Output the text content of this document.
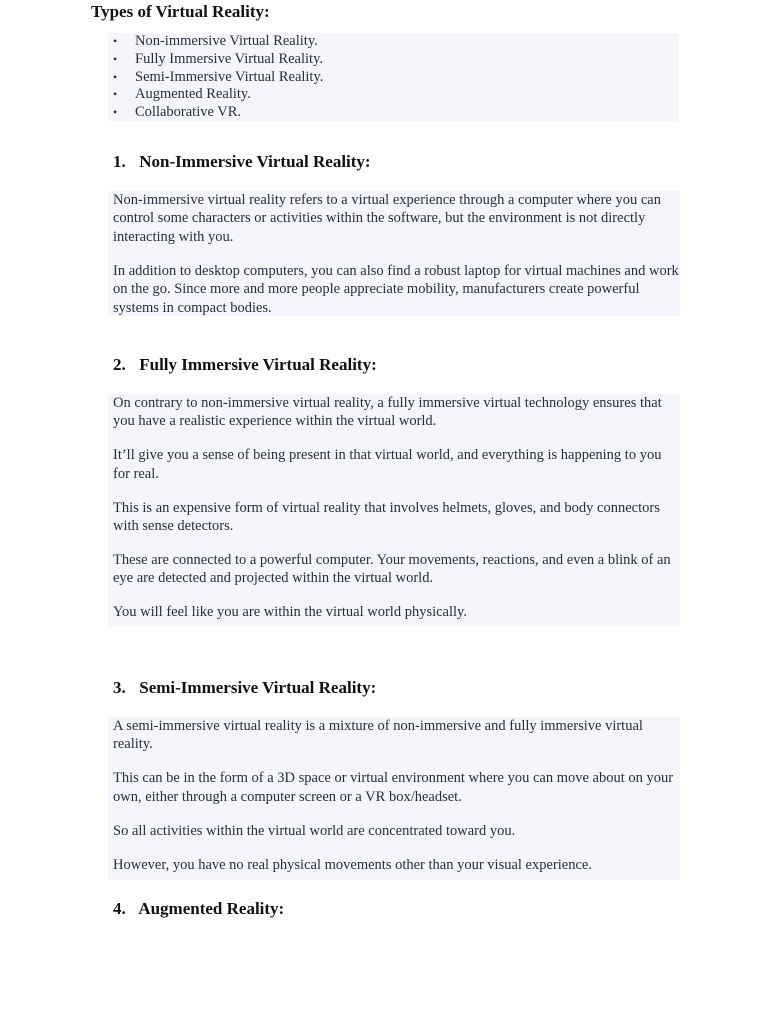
Types of Virtual Reality:
• Non-immersive Virtual Reality.
• Fully Immersive Virtual Reality.
• Semi-Immersive Virtual Reality.
• Augmented Reality.
• Collaborative VR.
1. Non-Immersive Virtual Reality:

Non-immersive virtual reality refers to a virtual experience through a computer where you can control some characters or activities within the software, but the environment is not directly interacting with you.

In addition to desktop computers, you can also find a robust laptop for virtual machines and work on the go. Since more and more people appreciate mobility, manufacturers create powerful systems in compact bodies.

2. Fully Immersive Virtual Reality:

On contrary to non-immersive virtual reality, a fully immersive virtual technology ensures that you have a realistic experience within the virtual world.

It’ll give you a sense of being present in that virtual world, and everything is happening to you for real.

This is an expensive form of virtual reality that involves helmets, gloves, and body connectors with sense detectors.

These are connected to a powerful computer. Your movements, reactions, and even a blink of an eye are detected and projected within the virtual world.

You will feel like you are within the virtual world physically.

3. Semi-Immersive Virtual Reality:

A semi-immersive virtual reality is a mixture of non-immersive and fully immersive virtual reality.

This can be in the form of a 3D space or virtual environment where you can move about on your own, either through a computer screen or a VR box/headset.

So all activities within the virtual world are concentrated toward you.

However, you have no real physical movements other than your visual experience.

4. Augmented Reality:
